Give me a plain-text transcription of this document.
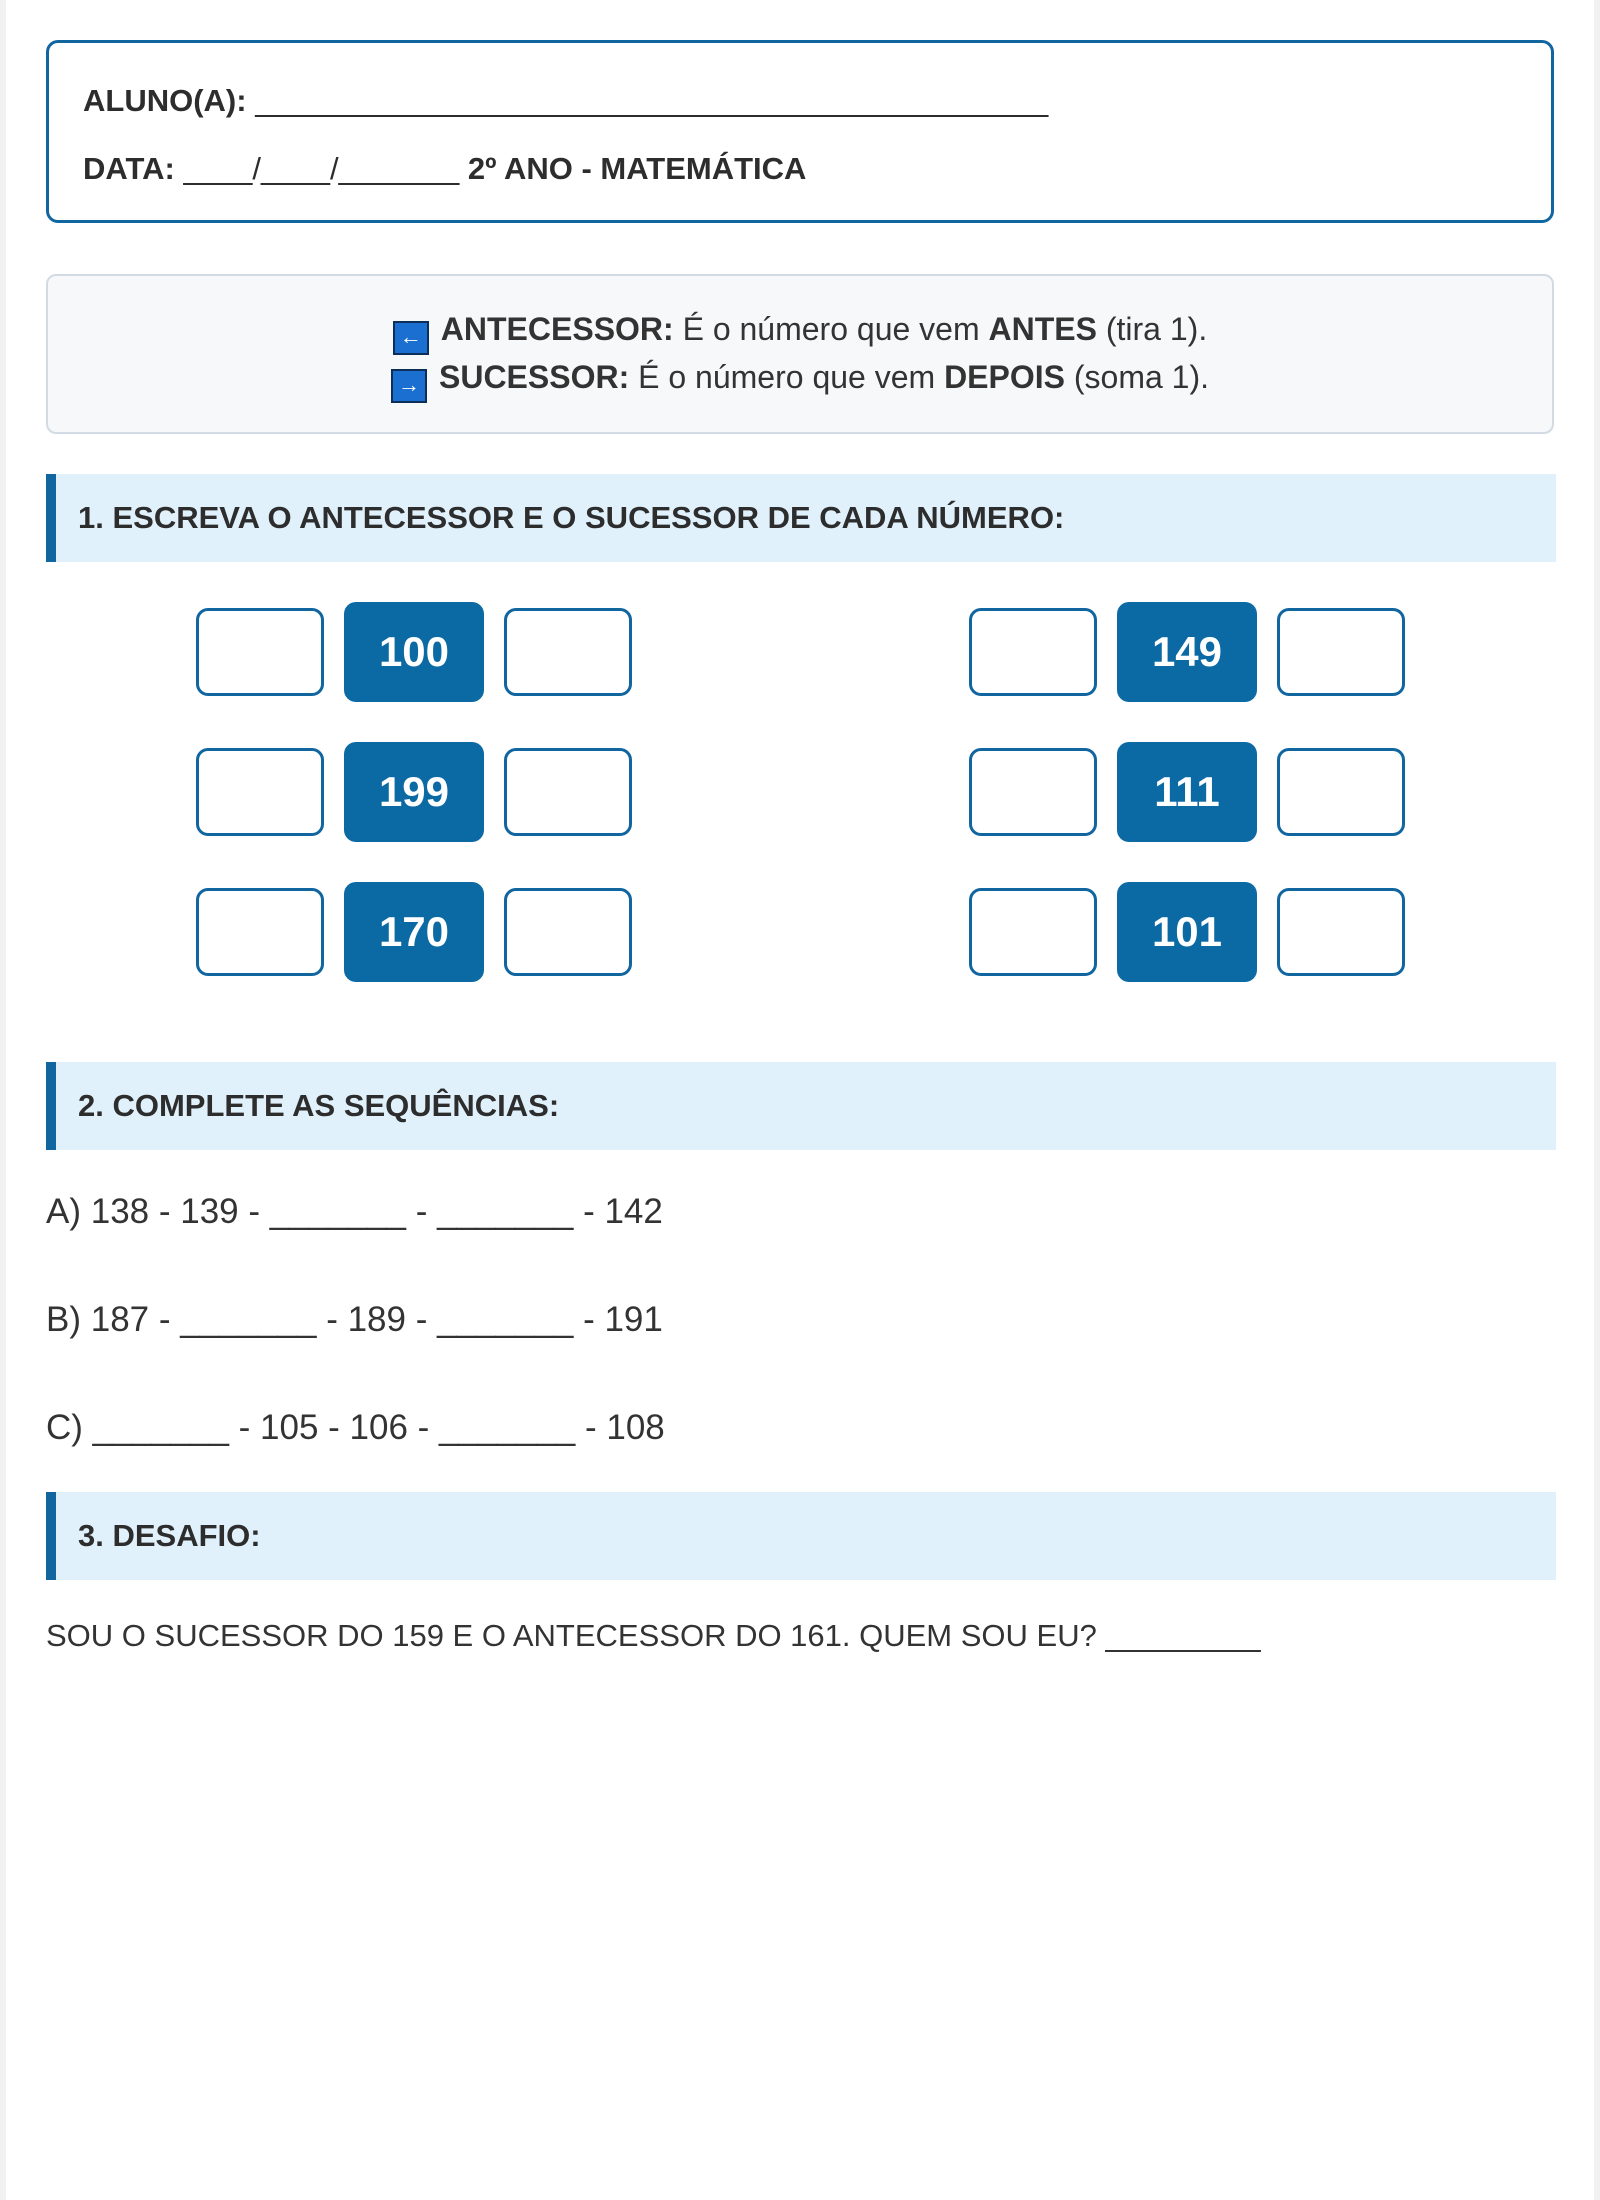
ALUNO(A): ______________________________________________
DATA: ____/____/_______ 2º ANO - MATEMÁTICA
← ANTECESSOR: É o número que vem ANTES (tira 1).
→ SUCESSOR: É o número que vem DEPOIS (soma 1).
1. ESCREVA O ANTECESSOR E O SUCESSOR DE CADA NÚMERO:
100	149
199	111
170	101
2. COMPLETE AS SEQUÊNCIAS:
A) 138 - 139 - _______ - _______ - 142
B) 187 - _______ - 189 - _______ - 191
C) _______ - 105 - 106 - _______ - 108
3. DESAFIO:
SOU O SUCESSOR DO 159 E O ANTECESSOR DO 161. QUEM SOU EU? _________
